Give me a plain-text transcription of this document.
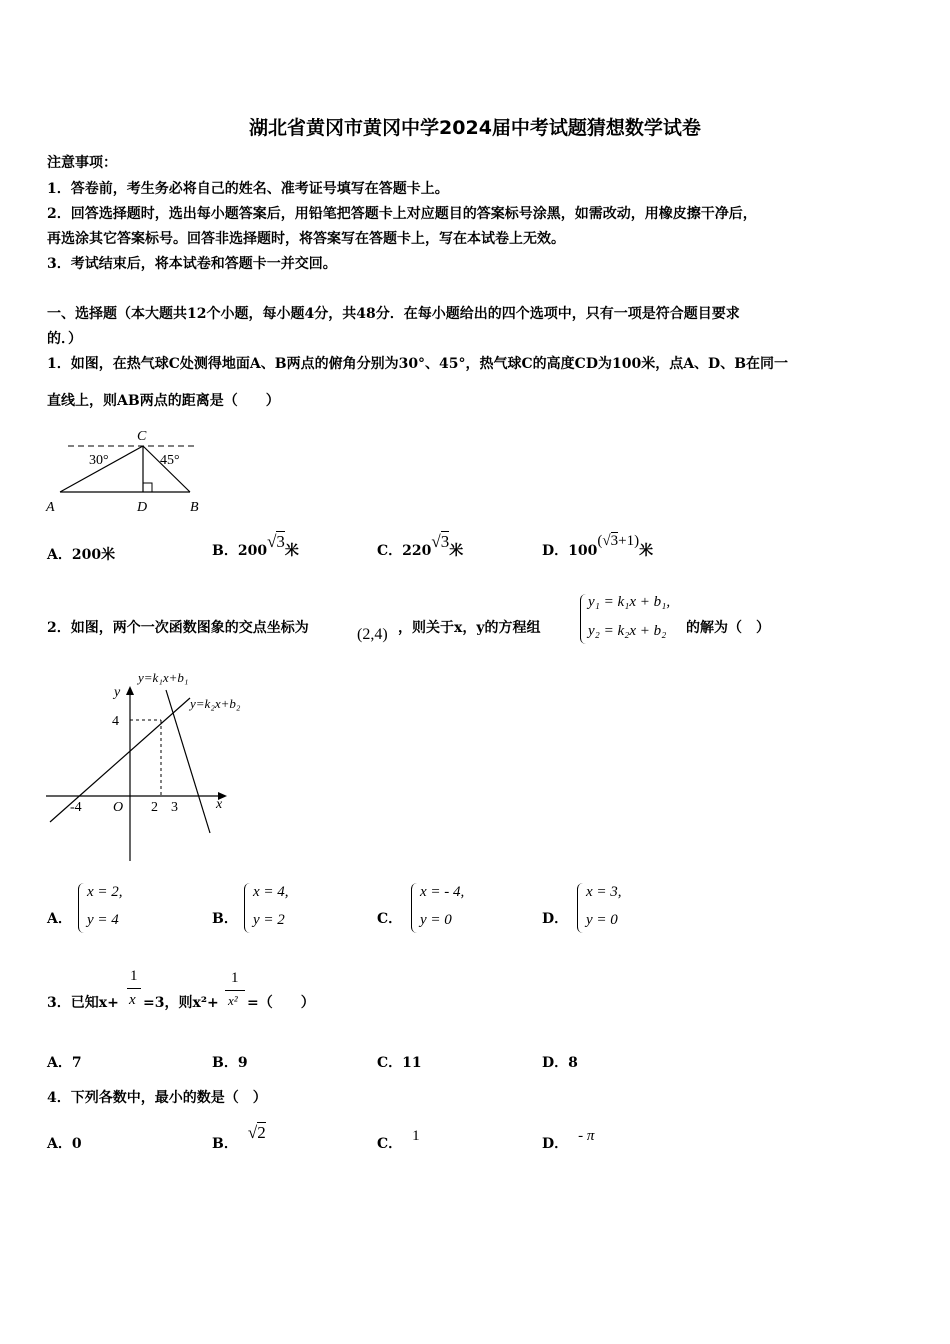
湖北省黄冈市黄冈中学2024届中考试题猜想数学试卷
注意事项：
1．答卷前，考生务必将自己的姓名、准考证号填写在答题卡上。
2．回答选择题时，选出每小题答案后，用铅笔把答题卡上对应题目的答案标号涂黑，如需改动，用橡皮擦干净后，
再选涂其它答案标号。回答非选择题时，将答案写在答题卡上，写在本试卷上无效。
3．考试结束后，将本试卷和答题卡一并交回。
一、选择题（本大题共12个小题，每小题4分，共48分．在每小题给出的四个选项中，只有一项是符合题目要求
的．）
1．如图，在热气球C处测得地面A、B两点的俯角分别为30°、45°，热气球C的高度CD为100米，点A、D、B在同一
直线上，则AB两点的距离是（　　）
C
30°	45°
A	D	B
A．200米	B．200√3米	C．220√3米	D．100(√3+1)米
2．如图，两个一次函数图象的交点坐标为	(2,4) ，则关于x，y的方程组
y₁ = k₁x + b₁,
y₂ = k₂x + b₂ 的解为（　）
y=k₁x+b₁
y=k₂x+b₂
y
x
4
-4 O 2 3
A．
x = 2,
y = 4	B．
x = 4,
y = 2	C．
x = - 4,
y = 0	D．
x = 3,
y = 0
3．已知x+
1
x =3，则x²+
1
x² =（　　）
A．7	B．9	C．11	D．8
4．下列各数中，最小的数是（　）
A．0	B．√2
C． 1	D． - π
